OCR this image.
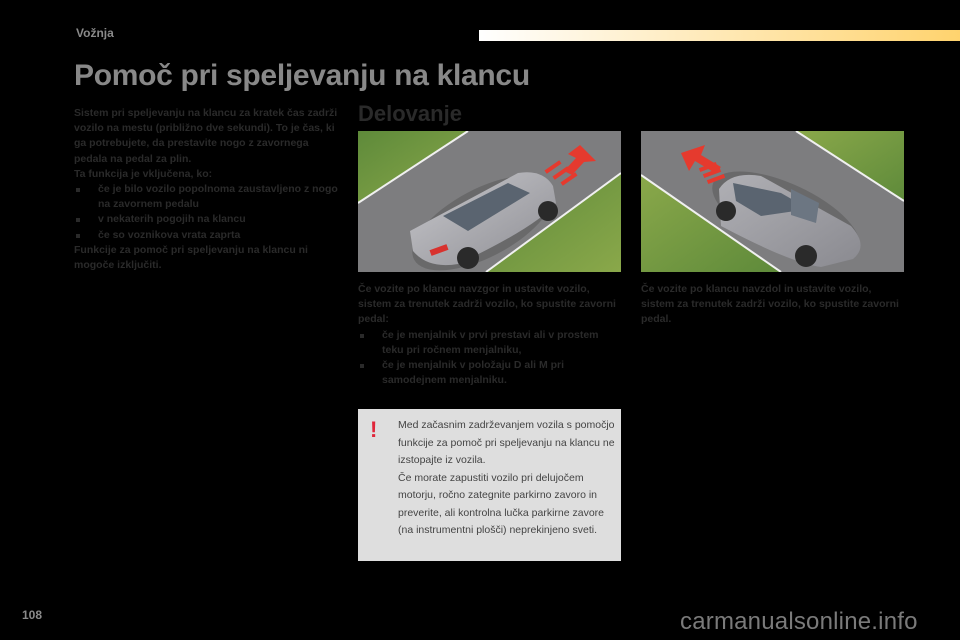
Vožnja
Pomoč pri speljevanju na klancu

Sistem pri speljevanju na klancu za kratek čas zadrži vozilo na mestu (približno dve sekundi). To je čas, ki ga potrebujete, da prestavite nogo z zavornega pedala na pedal za plin.

Ta funkcija je vključena, ko:

če je bilo vozilo popolnoma zaustavljeno z nogo na zavornem pedalu
v nekaterih pogojih na klancu
če so voznikova vrata zaprta

Funkcije za pomoč pri speljevanju na klancu ni mogoče izključiti.

Delovanje

Če vozite po klancu navzgor in ustavite vozilo, sistem za trenutek zadrži vozilo, ko spustite zavorni pedal:

če je menjalnik v prvi prestavi ali v prostem teku pri ročnem menjalniku,
če je menjalnik v položaju D ali M pri samodejnem menjalniku.

Če vozite po klancu navzdol in ustavite vozilo, sistem za trenutek zadrži vozilo, ko spustite zavorni pedal.

! Med začasnim zadrževanjem vozila s pomočjo funkcije za pomoč pri speljevanju na klancu ne izstopajte iz vozila.
Če morate zapustiti vozilo pri delujočem motorju, ročno zategnite parkirno zavoro in preverite, ali kontrolna lučka parkirne zavore (na instrumentni plošči) neprekinjeno sveti.
108	carmanualsonline.info
